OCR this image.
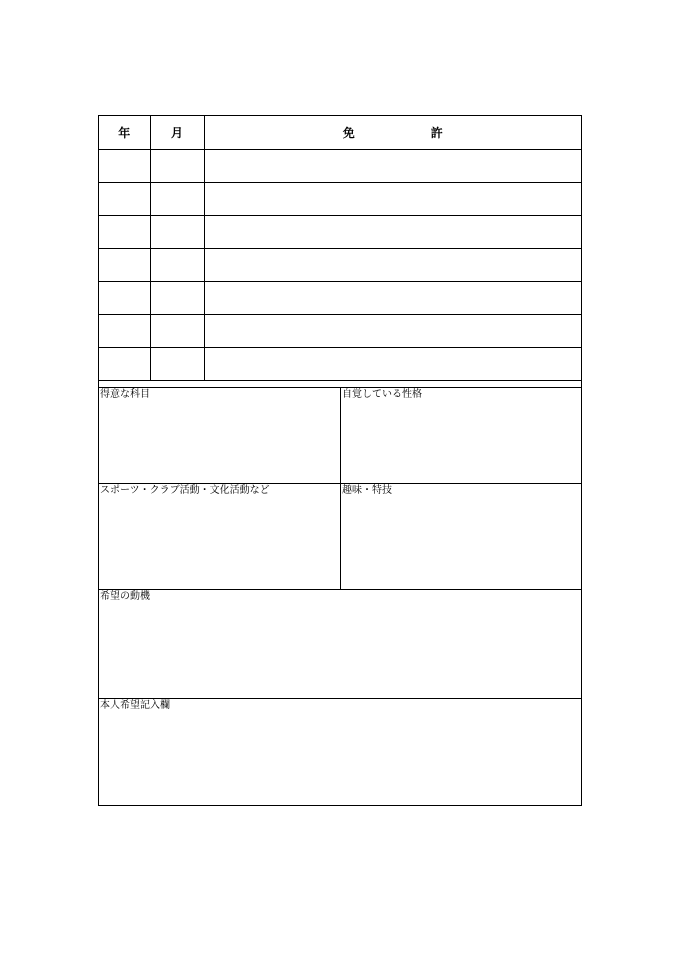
年	月	免 許

得意な科目	自覚している性格
スポーツ・クラブ活動・文化活動など	趣味・特技
希望の動機
本人希望記入欄
